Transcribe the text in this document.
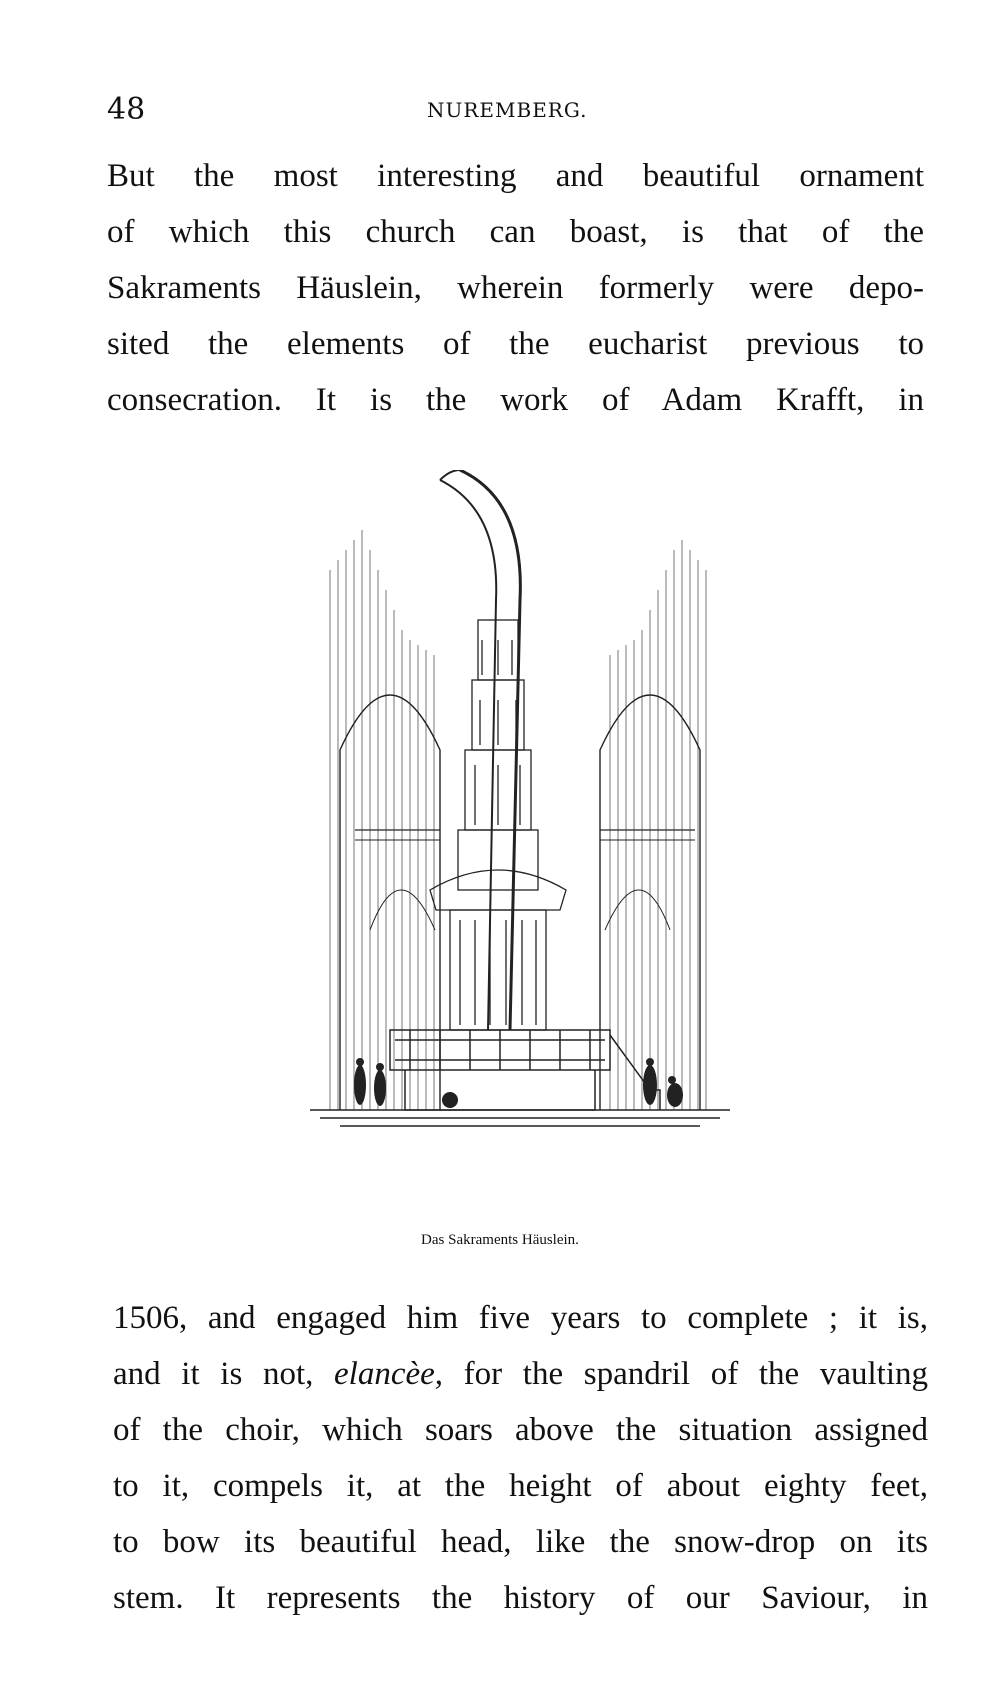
48	NUREMBERG.
But the most interesting and beautiful ornament
of which this church can boast, is that of the
Sakraments Häuslein, wherein formerly were depo-
sited the elements of the eucharist previous to
consecration. It is the work of Adam Krafft, in
Das Sakraments Häuslein.
1506, and engaged him five years to complete ; it is,
and it is not, elancèe, for the spandril of the vaulting
of the choir, which soars above the situation assigned
to it, compels it, at the height of about eighty feet,
to bow its beautiful head, like the snow-drop on its
stem. It represents the history of our Saviour, in
